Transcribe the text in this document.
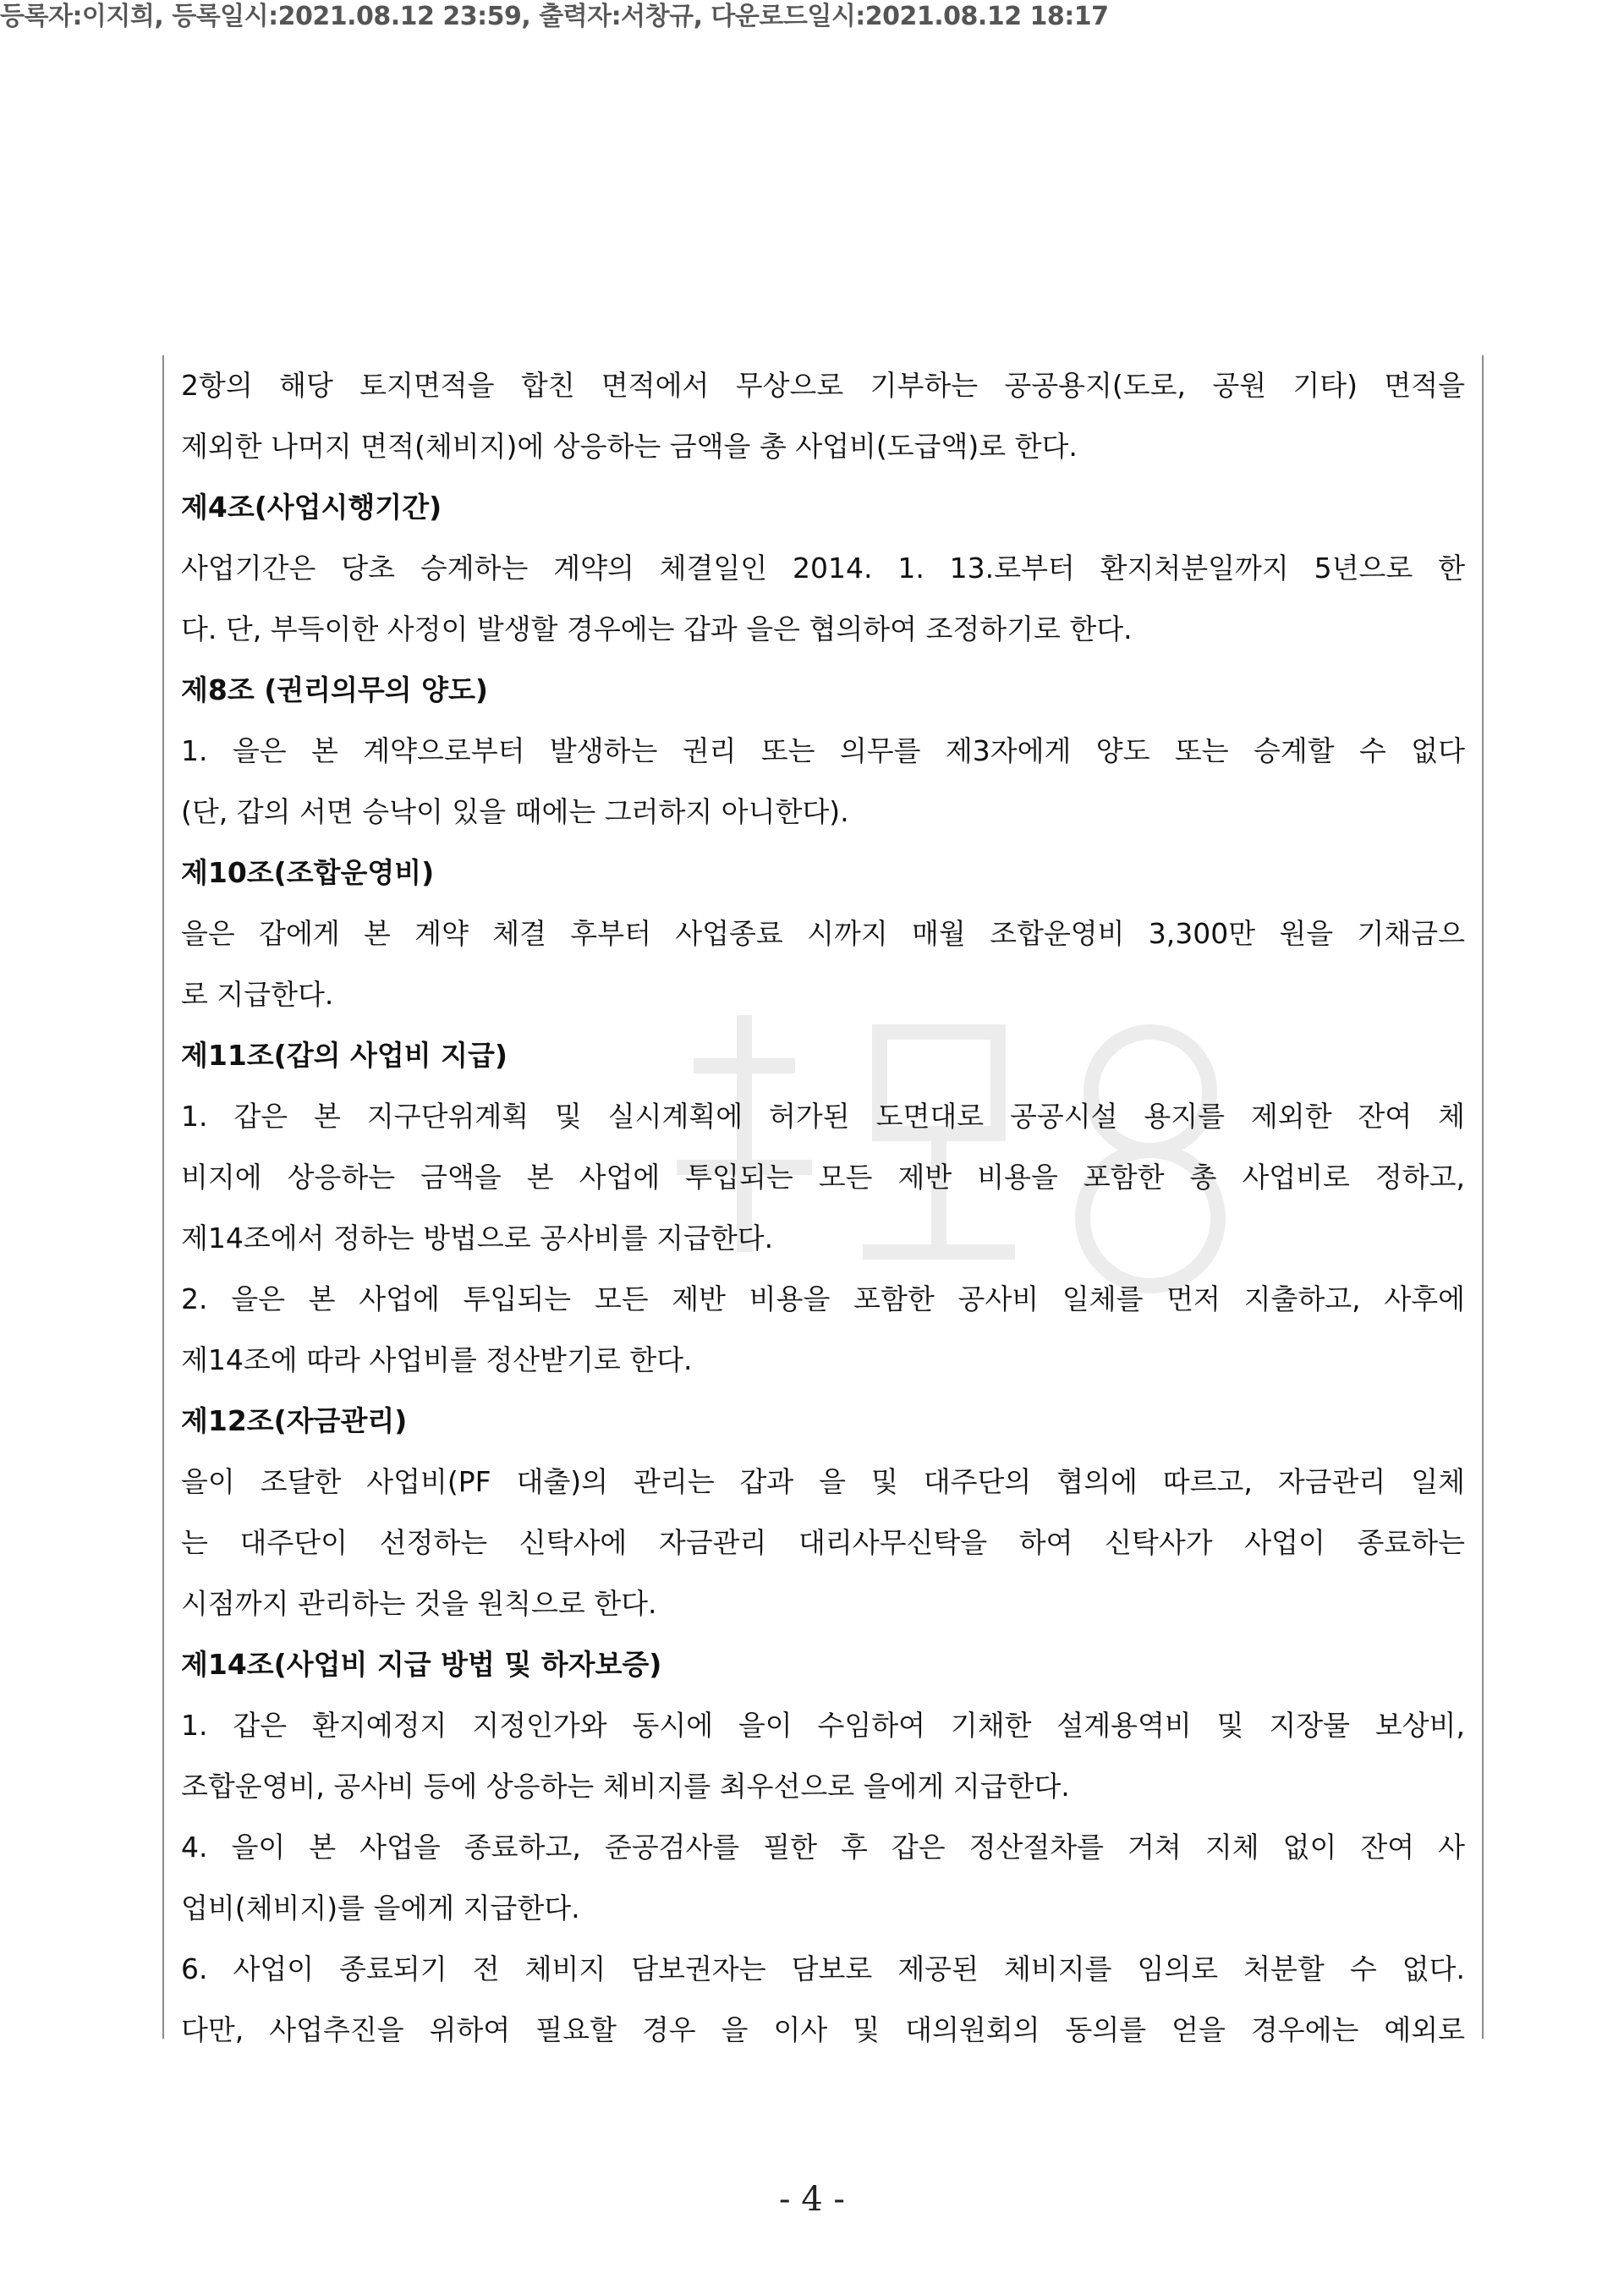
등록자:이지희, 등록일시:2021.08.12 23:59, 출력자:서창규, 다운로드일시:2021.08.12 18:17
2항의 해당 토지면적을 합친 면적에서 무상으로 기부하는 공공용지(도로, 공원 기타) 면적을
제외한 나머지 면적(체비지)에 상응하는 금액을 총 사업비(도급액)로 한다.
제4조(사업시행기간)
사업기간은 당초 승계하는 계약의 체결일인 2014. 1. 13.로부터 환지처분일까지 5년으로 한
다. 단, 부득이한 사정이 발생할 경우에는 갑과 을은 협의하여 조정하기로 한다.
제8조 (권리의무의 양도)
1. 을은 본 계약으로부터 발생하는 권리 또는 의무를 제3자에게 양도 또는 승계할 수 없다
(단, 갑의 서면 승낙이 있을 때에는 그러하지 아니한다).
제10조(조합운영비)
을은 갑에게 본 계약 체결 후부터 사업종료 시까지 매월 조합운영비 3,300만 원을 기채금으
로 지급한다.
제11조(갑의 사업비 지급)
1. 갑은 본 지구단위계획 및 실시계획에 허가된 도면대로 공공시설 용지를 제외한 잔여 체
비지에 상응하는 금액을 본 사업에 투입되는 모든 제반 비용을 포함한 총 사업비로 정하고,
제14조에서 정하는 방법으로 공사비를 지급한다.
2. 을은 본 사업에 투입되는 모든 제반 비용을 포함한 공사비 일체를 먼저 지출하고, 사후에
제14조에 따라 사업비를 정산받기로 한다.
제12조(자금관리)
을이 조달한 사업비(PF 대출)의 관리는 갑과 을 및 대주단의 협의에 따르고, 자금관리 일체
는 대주단이 선정하는 신탁사에 자금관리 대리사무신탁을 하여 신탁사가 사업이 종료하는
시점까지 관리하는 것을 원칙으로 한다.
제14조(사업비 지급 방법 및 하자보증)
1. 갑은 환지예정지 지정인가와 동시에 을이 수임하여 기채한 설계용역비 및 지장물 보상비,
조합운영비, 공사비 등에 상응하는 체비지를 최우선으로 을에게 지급한다.
4. 을이 본 사업을 종료하고, 준공검사를 필한 후 갑은 정산절차를 거쳐 지체 없이 잔여 사
업비(체비지)를 을에게 지급한다.
6. 사업이 종료되기 전 체비지 담보권자는 담보로 제공된 체비지를 임의로 처분할 수 없다.
다만, 사업추진을 위하여 필요할 경우 을 이사 및 대의원회의 동의를 얻을 경우에는 예외로
- 4 -
